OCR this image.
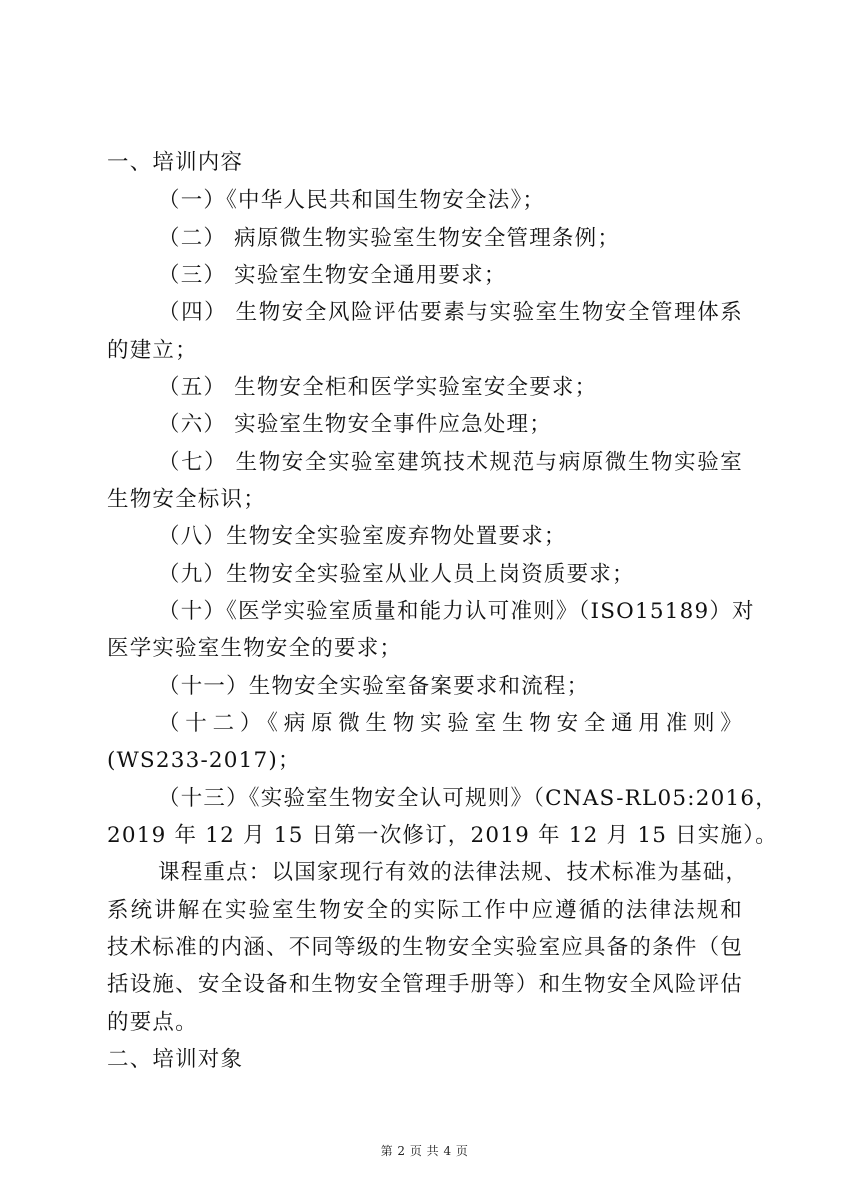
一、培训内容
（一）《中华人民共和国生物安全法》；
（二） 病原微生物实验室生物安全管理条例；
（三） 实验室生物安全通用要求；
（四） 生物安全风险评估要素与实验室生物安全管理体系
的建立；
（五） 生物安全柜和医学实验室安全要求；
（六） 实验室生物安全事件应急处理；
（七） 生物安全实验室建筑技术规范与病原微生物实验室
生物安全标识；
（八）生物安全实验室废弃物处置要求；
（九）生物安全实验室从业人员上岗资质要求；
（十）《医学实验室质量和能力认可准则》（ISO15189）对
医学实验室生物安全的要求；
（十一）生物安全实验室备案要求和流程；
（十二）《病原微生物实验室生物安全通用准则》
(WS233-2017)；
（十三）《实验室生物安全认可规则》（CNAS-RL05:2016，
2019 年 12 月 15 日第一次修订，2019 年 12 月 15 日实施）。
课程重点：以国家现行有效的法律法规、技术标准为基础，
系统讲解在实验室生物安全的实际工作中应遵循的法律法规和
技术标准的内涵、不同等级的生物安全实验室应具备的条件（包
括设施、安全设备和生物安全管理手册等）和生物安全风险评估
的要点。
二、培训对象
第 2 页 共 4 页
